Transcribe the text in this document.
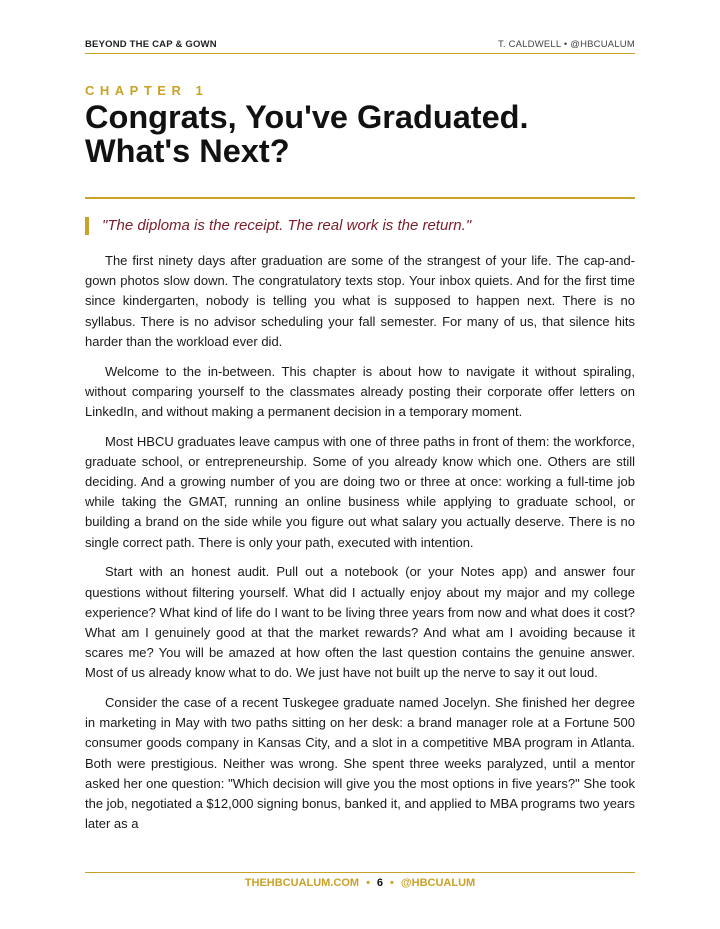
BEYOND THE CAP & GOWN	T. CALDWELL • @HBCUALUM
CHAPTER 1
Congrats, You've Graduated. What's Next?
"The diploma is the receipt. The real work is the return."

The first ninety days after graduation are some of the strangest of your life. The cap-and-gown photos slow down. The congratulatory texts stop. Your inbox quiets. And for the first time since kindergarten, nobody is telling you what is supposed to happen next. There is no syllabus. There is no advisor scheduling your fall semester. For many of us, that silence hits harder than the workload ever did.

Welcome to the in-between. This chapter is about how to navigate it without spiraling, without comparing yourself to the classmates already posting their corporate offer letters on LinkedIn, and without making a permanent decision in a temporary moment.

Most HBCU graduates leave campus with one of three paths in front of them: the workforce, graduate school, or entrepreneurship. Some of you already know which one. Others are still deciding. And a growing number of you are doing two or three at once: working a full-time job while taking the GMAT, running an online business while applying to graduate school, or building a brand on the side while you figure out what salary you actually deserve. There is no single correct path. There is only your path, executed with intention.

Start with an honest audit. Pull out a notebook (or your Notes app) and answer four questions without filtering yourself. What did I actually enjoy about my major and my college experience? What kind of life do I want to be living three years from now and what does it cost? What am I genuinely good at that the market rewards? And what am I avoiding because it scares me? You will be amazed at how often the last question contains the genuine answer. Most of us already know what to do. We just have not built up the nerve to say it out loud.

Consider the case of a recent Tuskegee graduate named Jocelyn. She finished her degree in marketing in May with two paths sitting on her desk: a brand manager role at a Fortune 500 consumer goods company in Kansas City, and a slot in a competitive MBA program in Atlanta. Both were prestigious. Neither was wrong. She spent three weeks paralyzed, until a mentor asked her one question: "Which decision will give you the most options in five years?" She took the job, negotiated a $12,000 signing bonus, banked it, and applied to MBA programs two years later as a

THEHBCUALUM.COM • 6 • @HBCUALUM
